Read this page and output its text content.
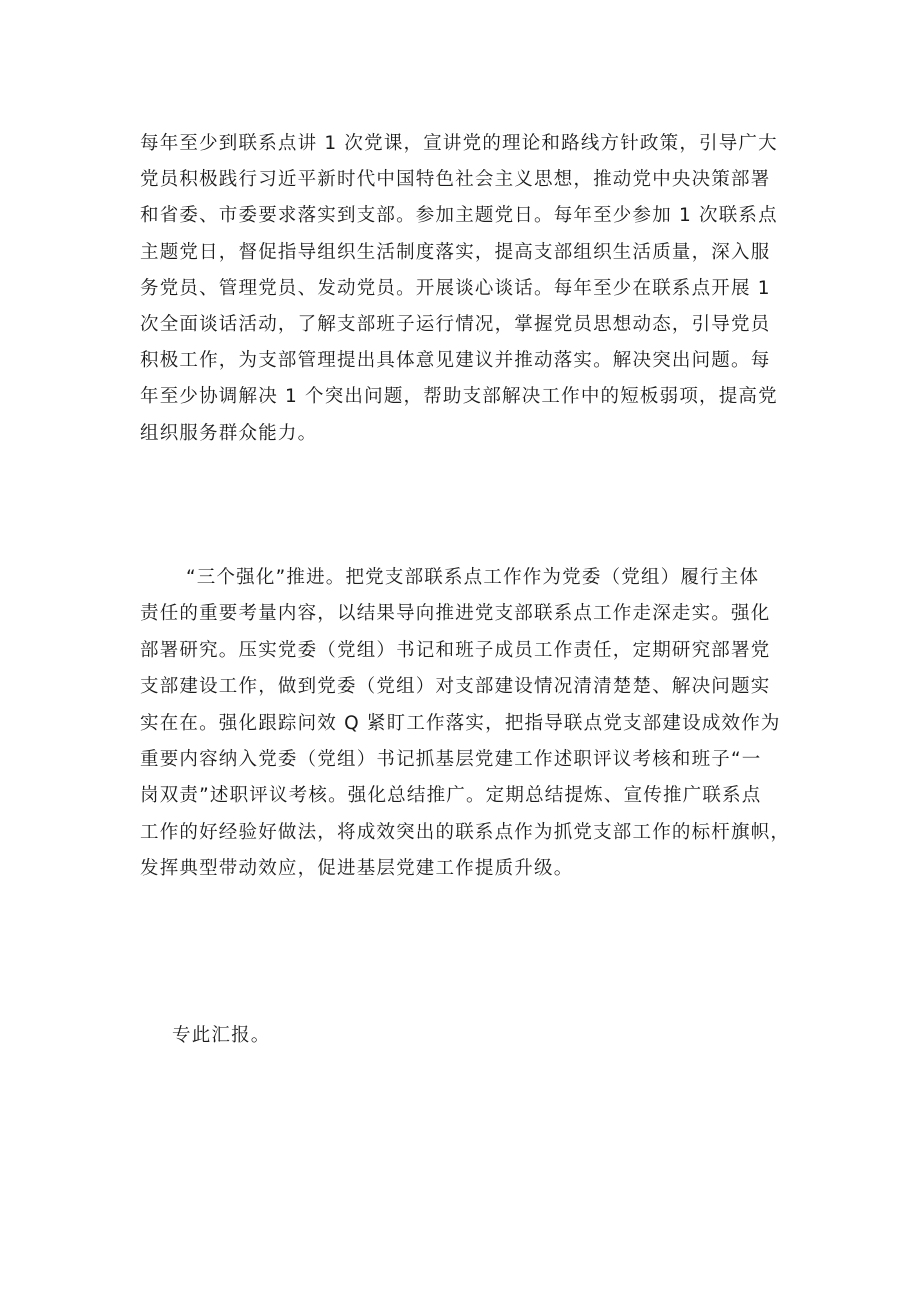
每年至少到联系点讲 1 次党课，宣讲党的理论和路线方针政策，引导广大
党员积极践行习近平新时代中国特色社会主义思想，推动党中央决策部署
和省委、市委要求落实到支部。参加主题党日。每年至少参加 1 次联系点
主题党日，督促指导组织生活制度落实，提高支部组织生活质量，深入服
务党员、管理党员、发动党员。开展谈心谈话。每年至少在联系点开展 1
次全面谈话活动，了解支部班子运行情况，掌握党员思想动态，引导党员
积极工作，为支部管理提出具体意见建议并推动落实。解决突出问题。每
年至少协调解决 1 个突出问题，帮助支部解决工作中的短板弱项，提高党
组织服务群众能力。
“三个强化”推进。把党支部联系点工作作为党委（党组）履行主体
责任的重要考量内容，以结果导向推进党支部联系点工作走深走实。强化
部署研究。压实党委（党组）书记和班子成员工作责任，定期研究部署党
支部建设工作，做到党委（党组）对支部建设情况清清楚楚、解决问题实
实在在。强化跟踪问效 Q 紧盯工作落实，把指导联点党支部建设成效作为
重要内容纳入党委（党组）书记抓基层党建工作述职评议考核和班子“一
岗双责”述职评议考核。强化总结推广。定期总结提炼、宣传推广联系点
工作的好经验好做法，将成效突出的联系点作为抓党支部工作的标杆旗帜，
发挥典型带动效应，促进基层党建工作提质升级。
专此汇报。
